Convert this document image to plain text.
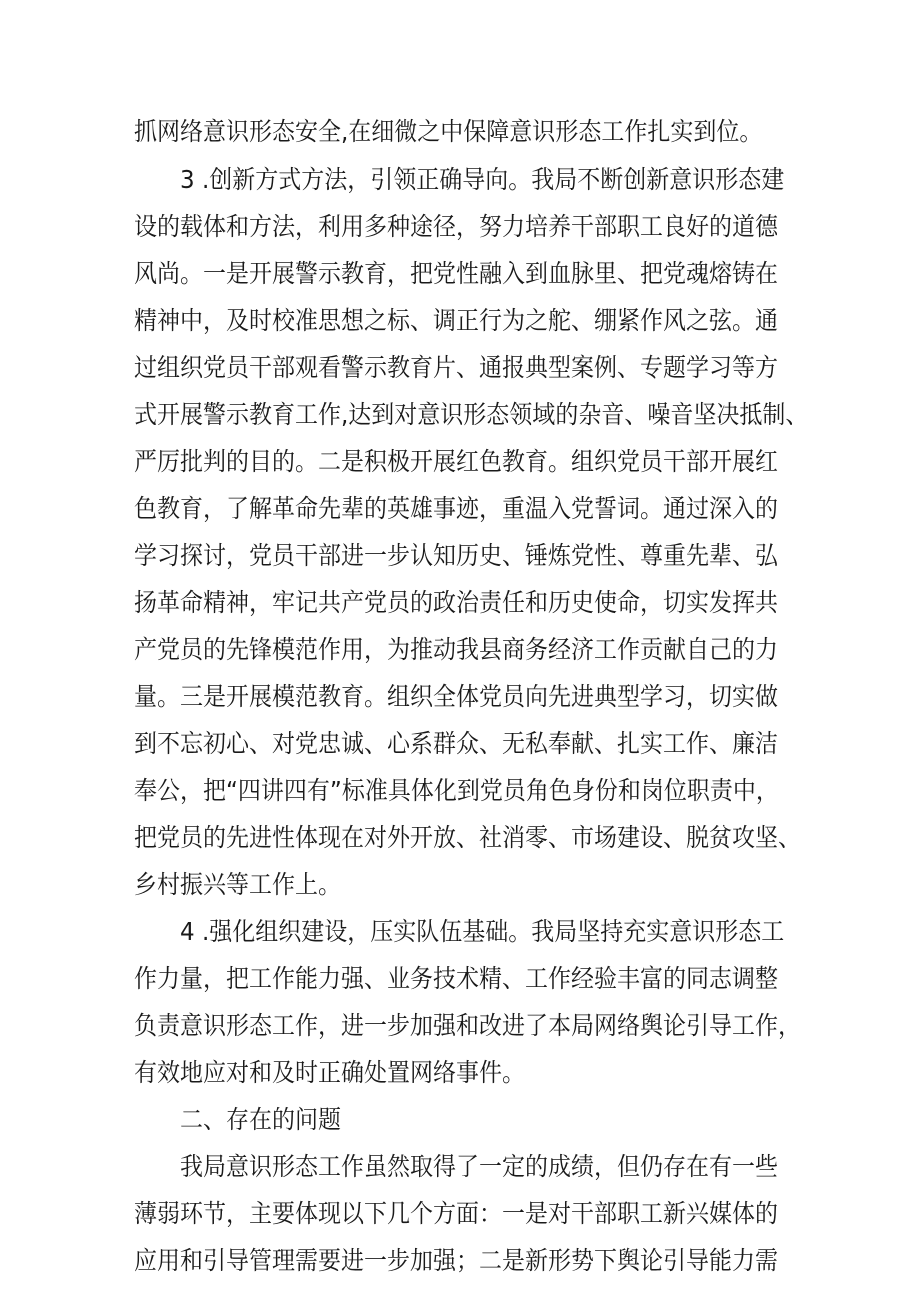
抓网络意识形态安全,在细微之中保障意识形态工作扎实到位。
3 .创新方式方法，引领正确导向。我局不断创新意识形态建
设的载体和方法，利用多种途径，努力培养干部职工良好的道德
风尚。一是开展警示教育，把党性融入到血脉里、把党魂熔铸在
精神中，及时校准思想之标、调正行为之舵、绷紧作风之弦。通
过组织党员干部观看警示教育片、通报典型案例、专题学习等方
式开展警示教育工作,达到对意识形态领域的杂音、噪音坚决抵制、
严厉批判的目的。二是积极开展红色教育。组织党员干部开展红
色教育，了解革命先辈的英雄事迹，重温入党誓词。通过深入的
学习探讨，党员干部进一步认知历史、锤炼党性、尊重先辈、弘
扬革命精神，牢记共产党员的政治责任和历史使命，切实发挥共
产党员的先锋模范作用，为推动我县商务经济工作贡献自己的力
量。三是开展模范教育。组织全体党员向先进典型学习，切实做
到不忘初心、对党忠诚、心系群众、无私奉献、扎实工作、廉洁
奉公，把“四讲四有”标准具体化到党员角色身份和岗位职责中，
把党员的先进性体现在对外开放、社消零、市场建设、脱贫攻坚、
乡村振兴等工作上。
4 .强化组织建设，压实队伍基础。我局坚持充实意识形态工
作力量，把工作能力强、业务技术精、工作经验丰富的同志调整
负责意识形态工作，进一步加强和改进了本局网络舆论引导工作，
有效地应对和及时正确处置网络事件。
二、存在的问题
我局意识形态工作虽然取得了一定的成绩，但仍存在有一些
薄弱环节，主要体现以下几个方面：一是对干部职工新兴媒体的
应用和引导管理需要进一步加强；二是新形势下舆论引导能力需
